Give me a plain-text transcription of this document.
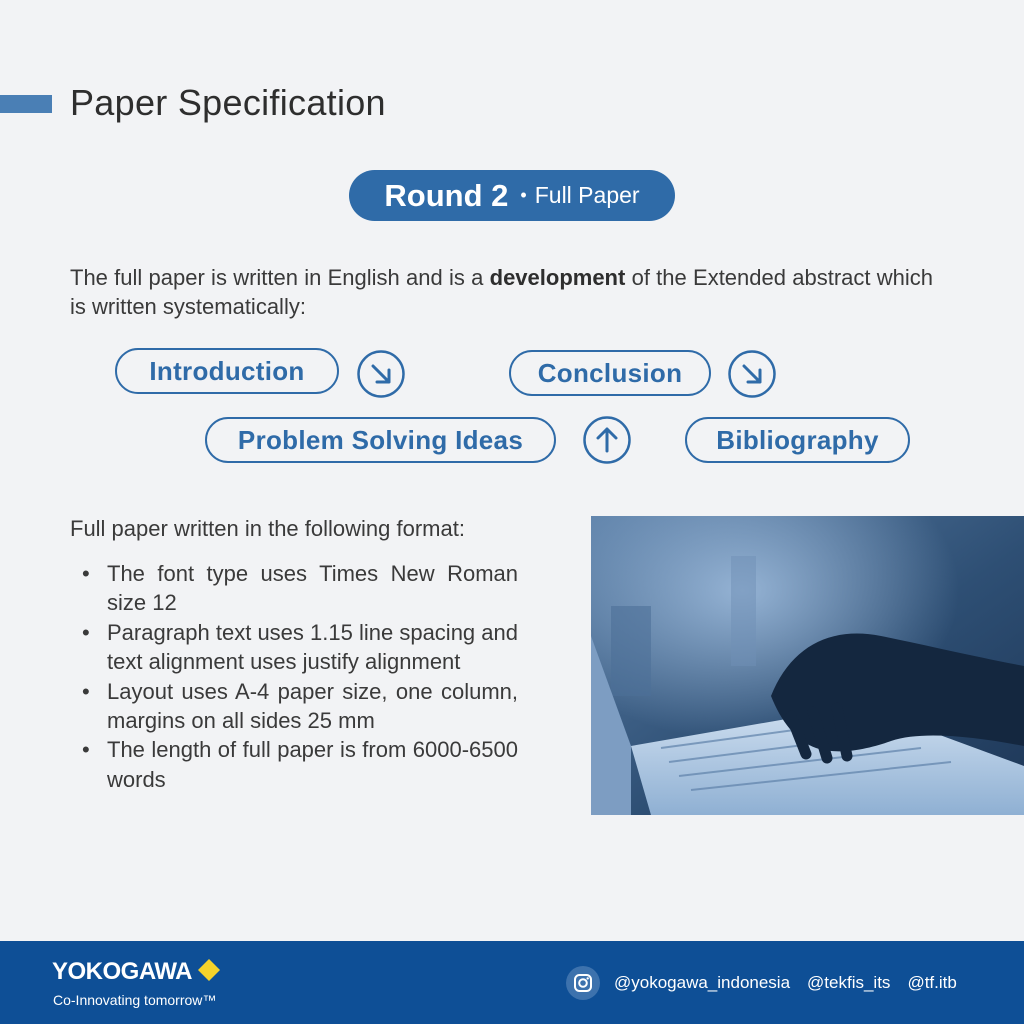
Paper Specification
Round 2 • Full Paper

The full paper is written in English and is a development of the Extended abstract which is written systematically:

Introduction	Conclusion
Problem Solving Ideas	Bibliography

Full paper written in the following format:

• The font type uses Times New Roman size 12
• Paragraph text uses 1.15 line spacing and text alignment uses justify alignment
• Layout uses A-4 paper size, one column, margins on all sides 25 mm
• The length of full paper is from 6000-6500 words
YOKOGAWA
Co-Innovating tomorrow™
@yokogawa_indonesia @tekfis_its @tf.itb
